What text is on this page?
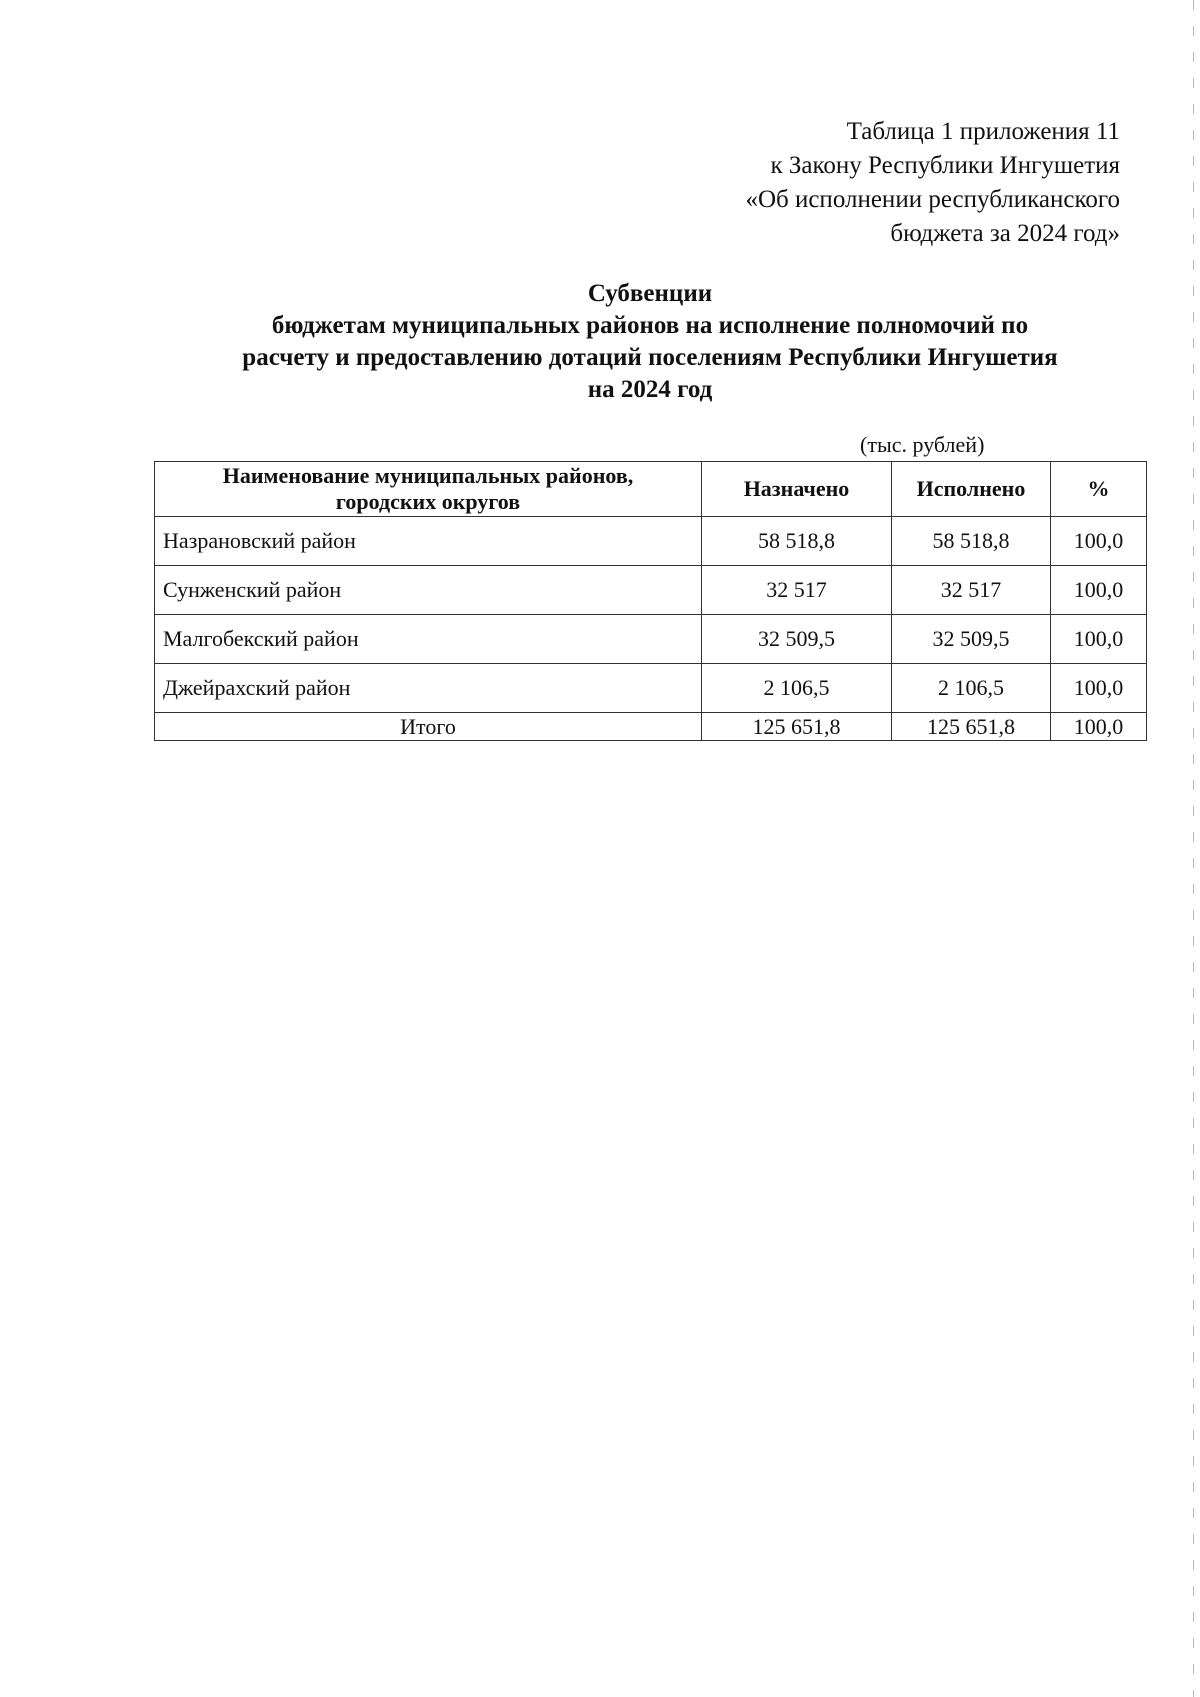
Таблица 1 приложения 11
к Закону Республики Ингушетия
«Об исполнении республиканского
бюджета за 2024 год»
Субвенции
бюджетам муниципальных районов на исполнение полномочий по
расчету и предоставлению дотаций поселениям Республики Ингушетия
на 2024 год
(тыс. рублей)
Наименование муниципальных районов,
городских округов	Назначено	Исполнено	%
Назрановский район	58 518,8	58 518,8	100,0
Сунженский район	32 517	32 517	100,0
Малгобекский район	32 509,5	32 509,5	100,0
Джейрахский район	2 106,5	2 106,5	100,0
Итого	125 651,8	125 651,8	100,0
